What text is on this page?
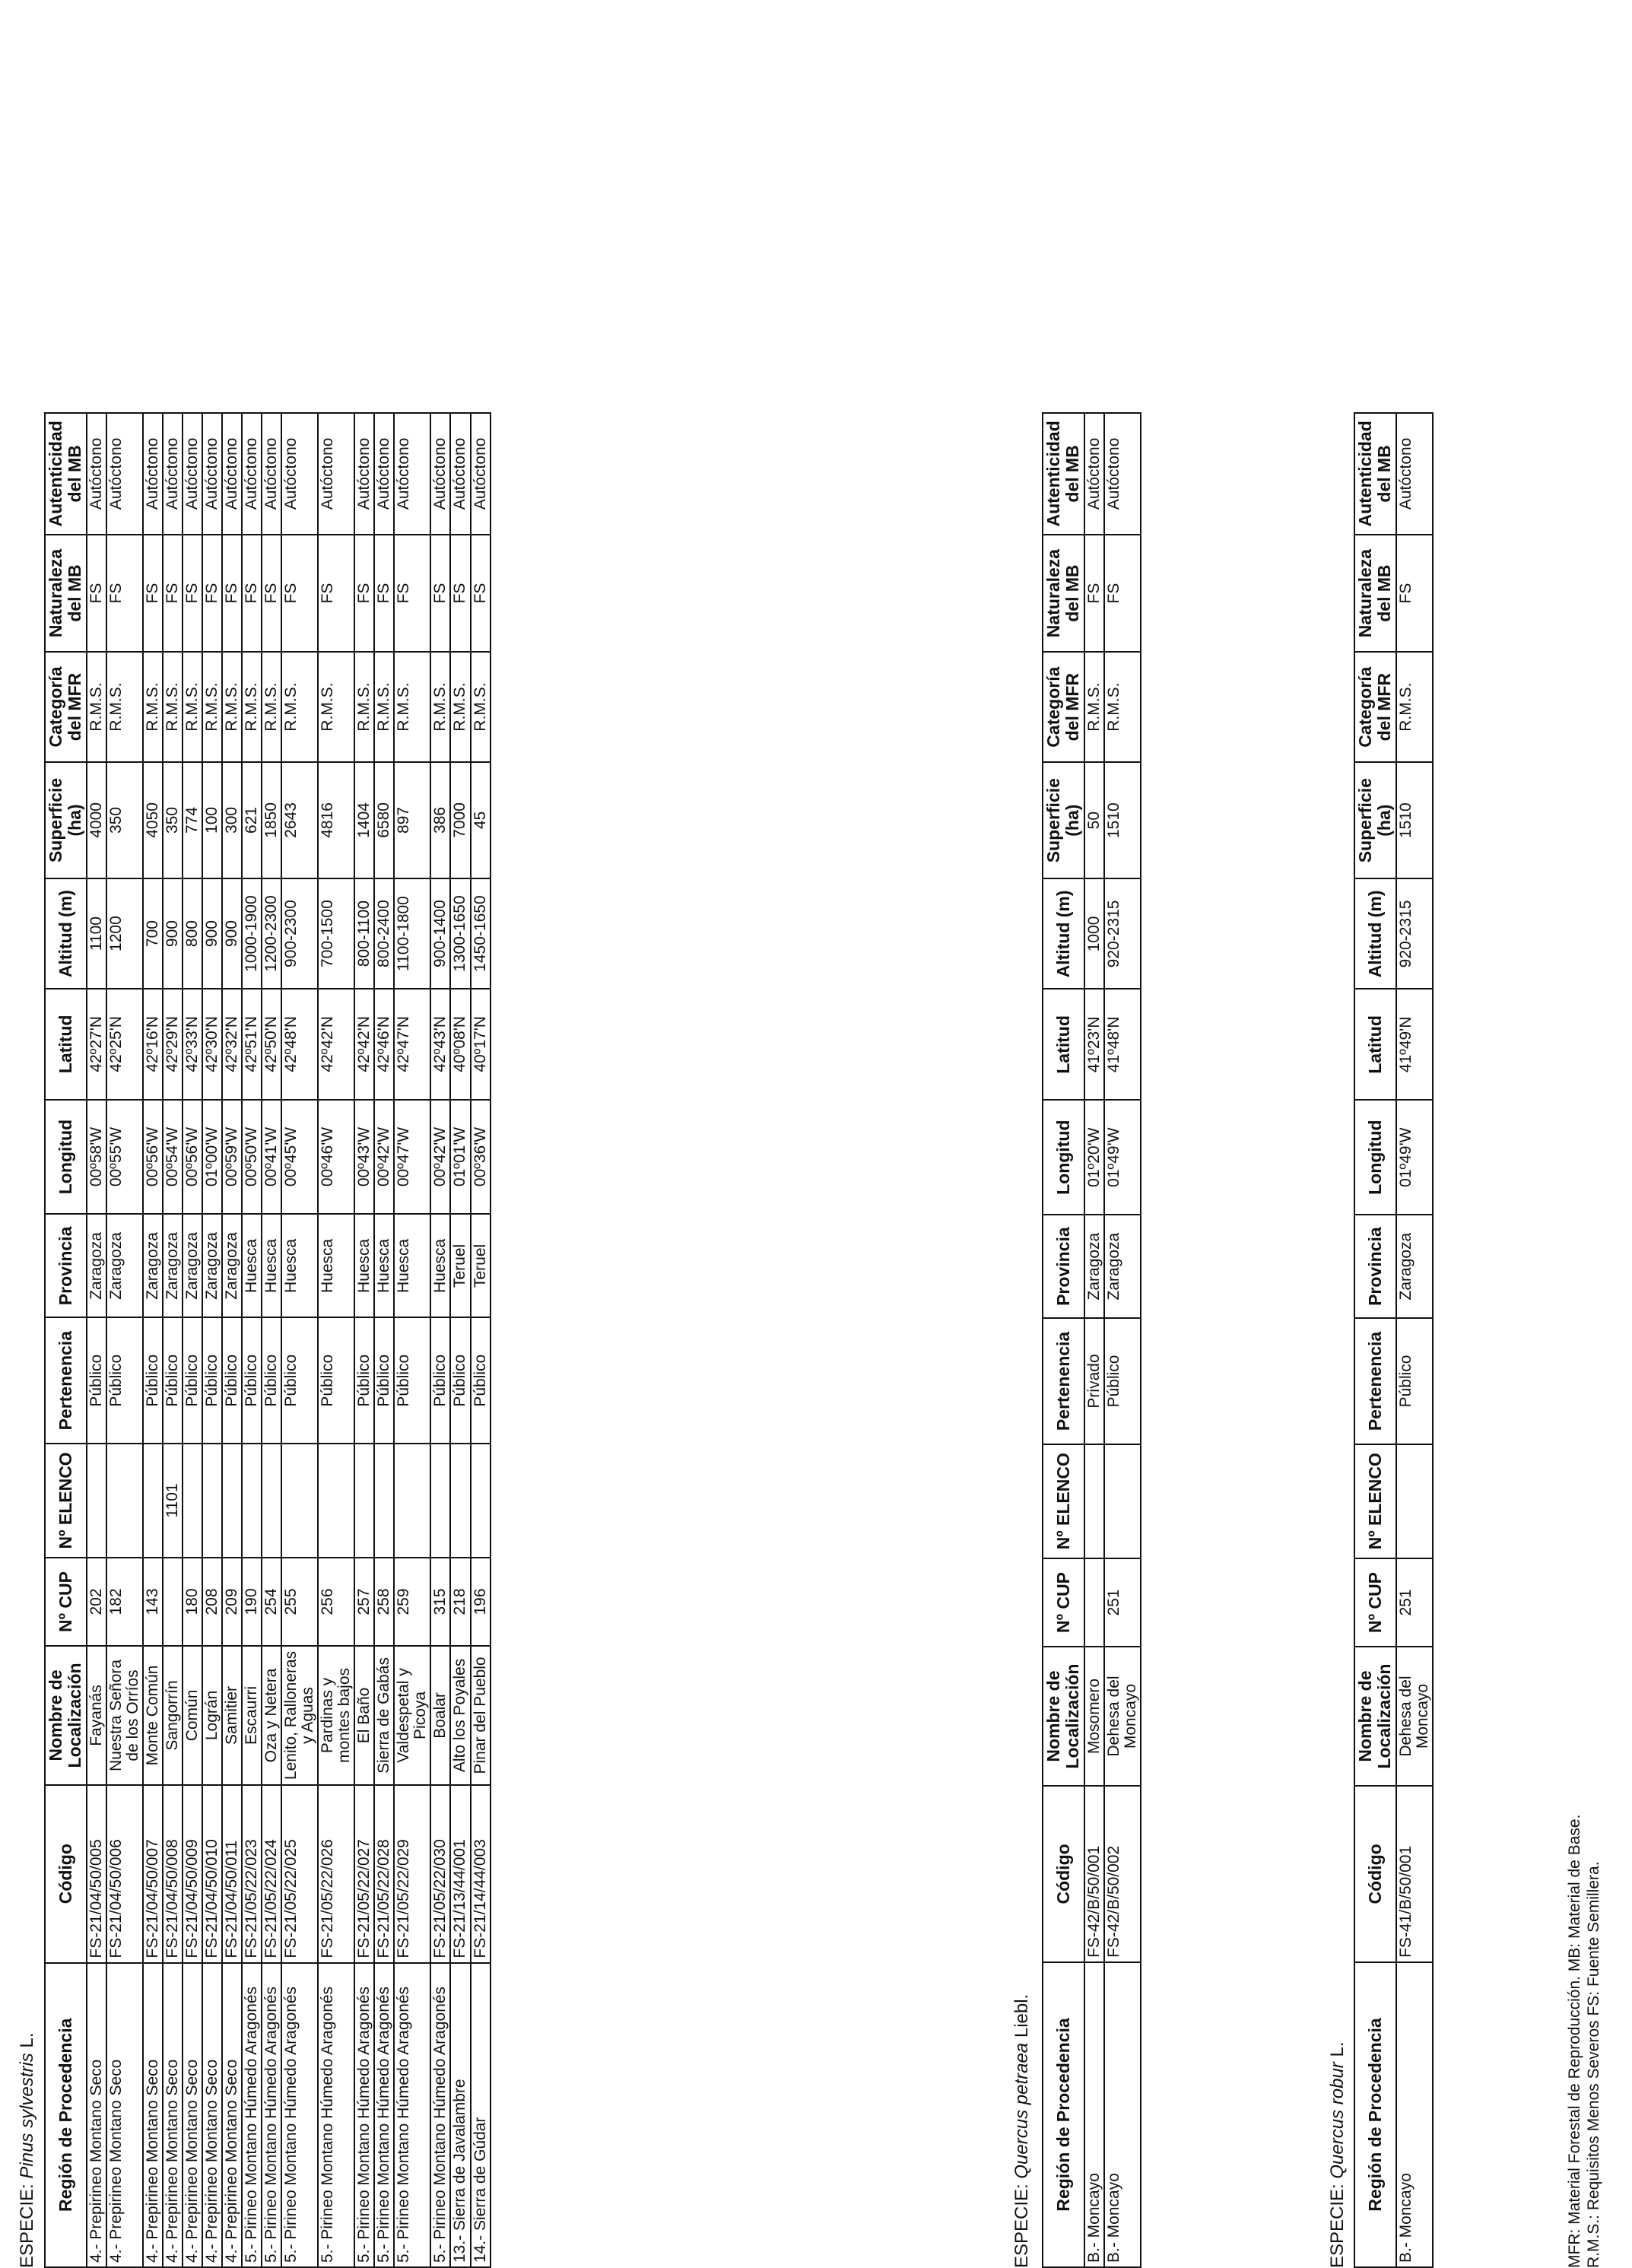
ESPECIE: Pinus sylvestris L. Región de Procedencia	Código	Nombre de Localización	Nº CUP	Nº ELENCO	Pertenencia	Provincia	Longitud	Latitud	Altitud (m)	Superficie (ha)	Categoría del MFR	Naturaleza del MB	Autenticidad del MB
4.- Prepirineo Montano Seco	FS-21/04/50/005	Fayanás	202		Público	Zaragoza	00º58'W	42º27'N	1100	4000	R.M.S.	FS	Autóctono
4.- Prepirineo Montano Seco	FS-21/04/50/006	Nuestra Señora de los Orríos	182		Público	Zaragoza	00º55'W	42º25'N	1200	350	R.M.S.	FS	Autóctono
4.- Prepirineo Montano Seco	FS-21/04/50/007	Monte Común	143		Público	Zaragoza	00º56'W	42º16'N	700	4050	R.M.S.	FS	Autóctono
4.- Prepirineo Montano Seco	FS-21/04/50/008	Sangorrín		1101	Público	Zaragoza	00º54'W	42º29'N	900	350	R.M.S.	FS	Autóctono
4.- Prepirineo Montano Seco	FS-21/04/50/009	Común	180		Público	Zaragoza	00º56'W	42º33'N	800	774	R.M.S.	FS	Autóctono
4.- Prepirineo Montano Seco	FS-21/04/50/010	Lográn	208		Público	Zaragoza	01º00'W	42º30'N	900	100	R.M.S.	FS	Autóctono
4.- Prepirineo Montano Seco	FS-21/04/50/011	Samitier	209		Público	Zaragoza	00º59'W	42º32'N	900	300	R.M.S.	FS	Autóctono
5.- Pirineo Montano Húmedo Aragonés	FS-21/05/22/023	Escaurri	190		Público	Huesca	00º50'W	42º51'N	1000-1900	621	R.M.S.	FS	Autóctono
5.- Pirineo Montano Húmedo Aragonés	FS-21/05/22/024	Oza y Netera	254		Público	Huesca	00º41'W	42º50'N	1200-2300	1850	R.M.S.	FS	Autóctono
5.- Pirineo Montano Húmedo Aragonés	FS-21/05/22/025	Lenito, Ralloneras y Aguas	255		Público	Huesca	00º45'W	42º48'N	900-2300	2643	R.M.S.	FS	Autóctono
5.- Pirineo Montano Húmedo Aragonés	FS-21/05/22/026	Pardinas y montes bajos	256		Público	Huesca	00º46'W	42º42'N	700-1500	4816	R.M.S.	FS	Autóctono
5.- Pirineo Montano Húmedo Aragonés	FS-21/05/22/027	El Baño	257		Público	Huesca	00º43'W	42º42'N	800-1100	1404	R.M.S.	FS	Autóctono
5.- Pirineo Montano Húmedo Aragonés	FS-21/05/22/028	Sierra de Gabás	258		Público	Huesca	00º42'W	42º46'N	800-2400	6580	R.M.S.	FS	Autóctono
5.- Pirineo Montano Húmedo Aragonés	FS-21/05/22/029	Valdespetal y Picoya	259		Público	Huesca	00º47'W	42º47'N	1100-1800	897	R.M.S.	FS	Autóctono
5.- Pirineo Montano Húmedo Aragonés	FS-21/05/22/030	Boalar	315		Público	Huesca	00º42'W	42º43'N	900-1400	386	R.M.S.	FS	Autóctono
13.- Sierra de Javalambre	FS-21/13/44/001	Alto los Poyales	218		Público	Teruel	01º01'W	40º08'N	1300-1650	7000	R.M.S.	FS	Autóctono
14.- Sierra de Gúdar	FS-21/14/44/003	Pinar del Pueblo	196		Público	Teruel	00º36'W	40º17'N	1450-1650	45	R.M.S.	FS	Autóctono
ESPECIE: Quercus petraea Liebl.
Región de Procedencia	Código	Nombre de Localización	Nº CUP	Nº ELENCO	Pertenencia	Provincia	Longitud	Latitud	Altitud (m)	Superficie (ha)	Categoría del MFR	Naturaleza del MB	Autenticidad del MB
B.- Moncayo	FS-42/B/50/001	Mosomero			Privado	Zaragoza	01º20'W	41º23'N	1000	50	R.M.S.	FS	Autóctono
B.- Moncayo	FS-42/B/50/002	Dehesa del Moncayo	251		Público	Zaragoza	01º49'W	41º48'N	920-2315	1510	R.M.S.	FS	Autóctono
ESPECIE: Quercus robur L. Región de Procedencia	Código	Nombre de Localización	Nº CUP	Nº ELENCO	Pertenencia	Provincia	Longitud	Latitud	Altitud (m)	Superficie (ha)	Categoría del MFR	Naturaleza del MB	Autenticidad del MB
B.- Moncayo	FS-41/B/50/001	Dehesa del Moncayo	251		Público	Zaragoza	01º49'W	41º49'N	920-2315	1510	R.M.S.	FS	Autóctono
MFR: Material Forestal de Reproducción. MB: Material de Base. R.M.S.: Requisitos Menos Severos FS: Fuente Semillera.
